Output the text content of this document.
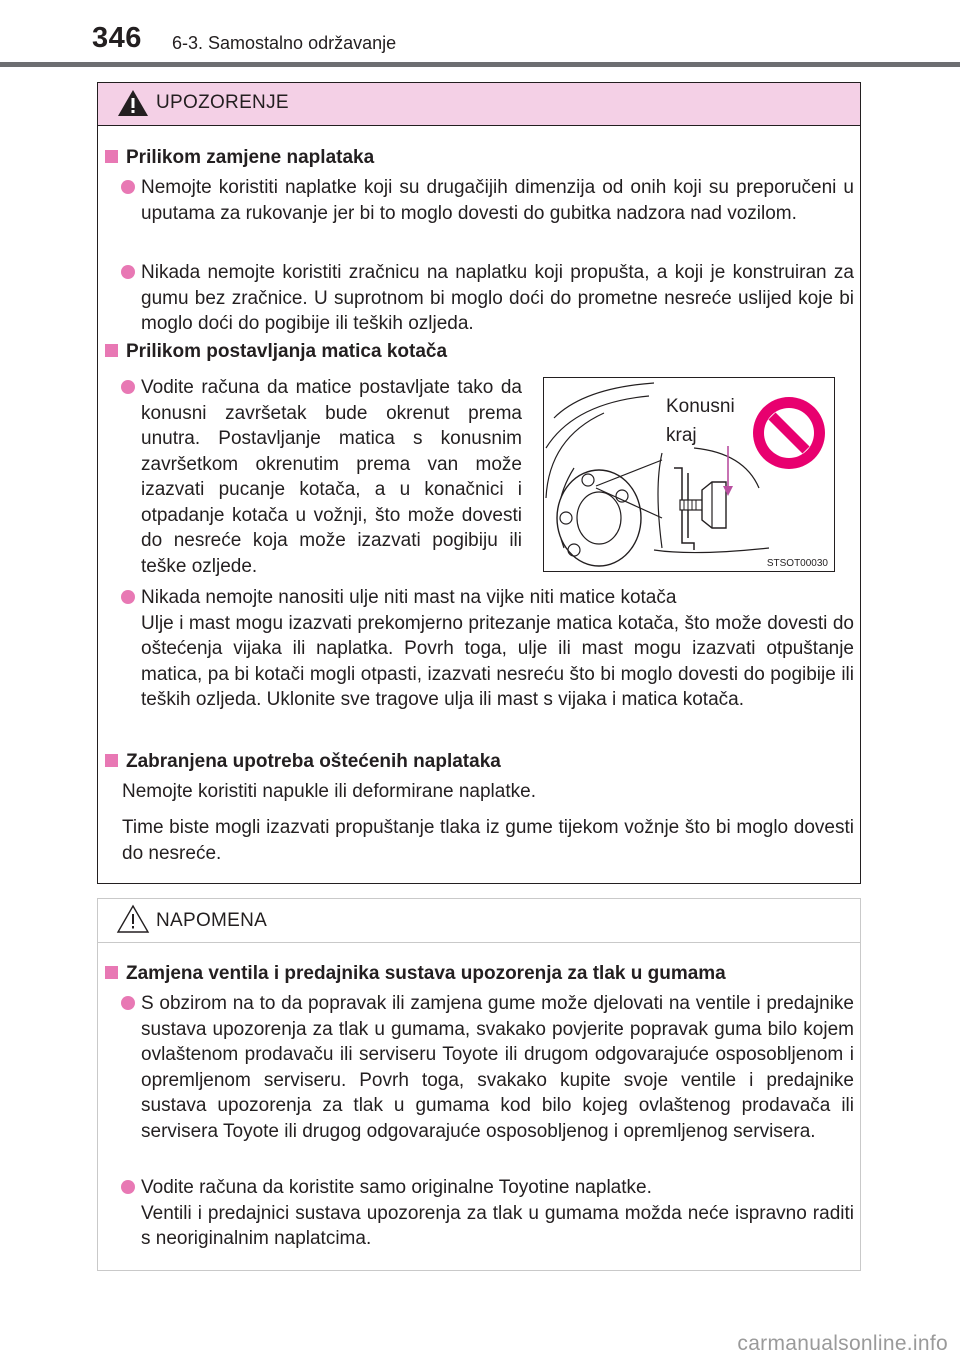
346 6-3. Samostalno održavanje
UPOZORENJE
Prilikom zamjene naplataka
Nemojte koristiti naplatke koji su drugačijih dimenzija od onih koji su preporučeni u uputama za rukovanje jer bi to moglo dovesti do gubitka nadzora nad vozilom.
Nikada nemojte koristiti zračnicu na naplatku koji propušta, a koji je konstruiran za gumu bez zračnice. U suprotnom bi moglo doći do prometne nesreće uslijed koje bi moglo doći do pogibije ili teških ozljeda.
Prilikom postavljanja matica kotača
Vodite računa da matice postavljate tako da konusni završetak bude okrenut prema unutra. Postavljanje matica s konusnim završetkom okrenutim prema van može izazvati pucanje kotača, a u konačnici i otpadanje kotača u vožnji, što može dovesti do nesreće koja može izazvati pogibiju ili teške ozljede.
Konusni
kraj
STSOT00030
Nikada nemojte nanositi ulje niti mast na vijke niti matice kotača
Ulje i mast mogu izazvati prekomjerno pritezanje matica kotača, što može dovesti do oštećenja vijaka ili naplatka. Povrh toga, ulje ili mast mogu izazvati otpuštanje matica, pa bi kotači mogli otpasti, izazvati nesreću što bi moglo dovesti do pogibije ili teških ozljeda. Uklonite sve tragove ulja ili mast s vijaka i matica kotača.
Zabranjena upotreba oštećenih naplataka
Nemojte koristiti napukle ili deformirane naplatke.
Time biste mogli izazvati propuštanje tlaka iz gume tijekom vožnje što bi moglo dovesti do nesreće.
NAPOMENA
Zamjena ventila i predajnika sustava upozorenja za tlak u gumama
S obzirom na to da popravak ili zamjena gume može djelovati na ventile i predajnike sustava upozorenja za tlak u gumama, svakako povjerite popravak guma bilo kojem ovlaštenom prodavaču ili serviseru Toyote ili drugom odgovarajuće osposobljenom i opremljenom serviseru. Povrh toga, svakako kupite svoje ventile i predajnike sustava upozorenja za tlak u gumama kod bilo kojeg ovlaštenog prodavača ili servisera Toyote ili drugog odgovarajuće osposobljenog i opremljenog servisera.
Vodite računa da koristite samo originalne Toyotine naplatke.
Ventili i predajnici sustava upozorenja za tlak u gumama možda neće ispravno raditi s neoriginalnim naplatcima.
carmanualsonline.info
